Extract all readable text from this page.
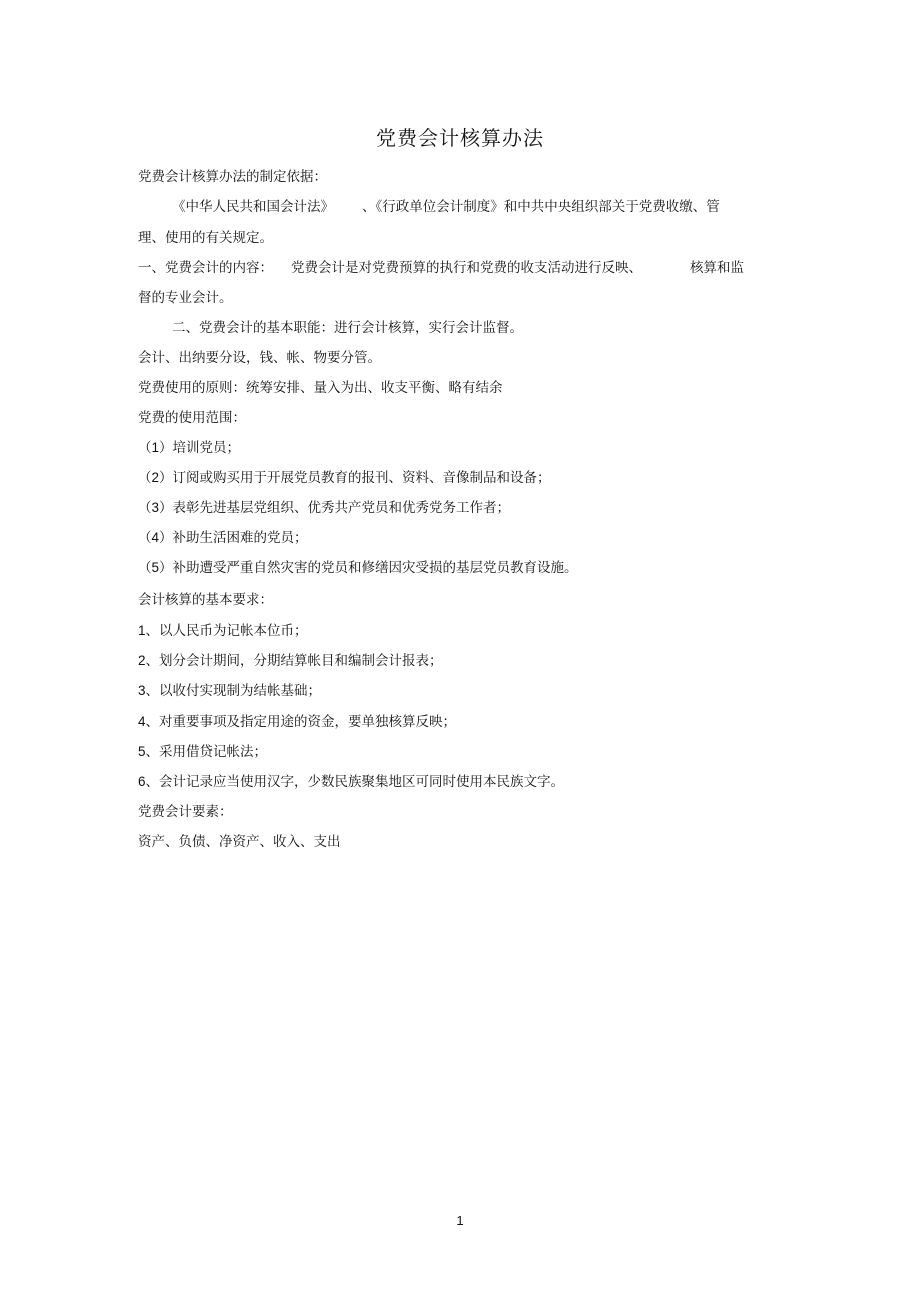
党费会计核算办法
党费会计核算办法的制定依据：
《中华人民共和国会计法》 、《行政单位会计制度》和中共中央组织部关于党费收缴、管
理、使用的有关规定。
一、党费会计的内容： 党费会计是对党费预算的执行和党费的收支活动进行反映、	核算和监
督的专业会计。
二、党费会计的基本职能：进行会计核算，实行会计监督。
会计、出纳要分设，钱、帐、物要分管。
党费使用的原则：统筹安排、量入为出、收支平衡、略有结余
党费的使用范围：
（1）培训党员；
（2）订阅或购买用于开展党员教育的报刊、资料、音像制品和设备；
（3）表彰先进基层党组织、优秀共产党员和优秀党务工作者；
（4）补助生活困难的党员；
（5）补助遭受严重自然灾害的党员和修缮因灾受损的基层党员教育设施。
会计核算的基本要求：
1、以人民币为记帐本位币；
2、划分会计期间，分期结算帐目和编制会计报表；
3、以收付实现制为结帐基础；
4、对重要事项及指定用途的资金，要单独核算反映；
5、采用借贷记帐法；
6、会计记录应当使用汉字，少数民族聚集地区可同时使用本民族文字。
党费会计要素：
资产、负债、净资产、收入、支出
1
